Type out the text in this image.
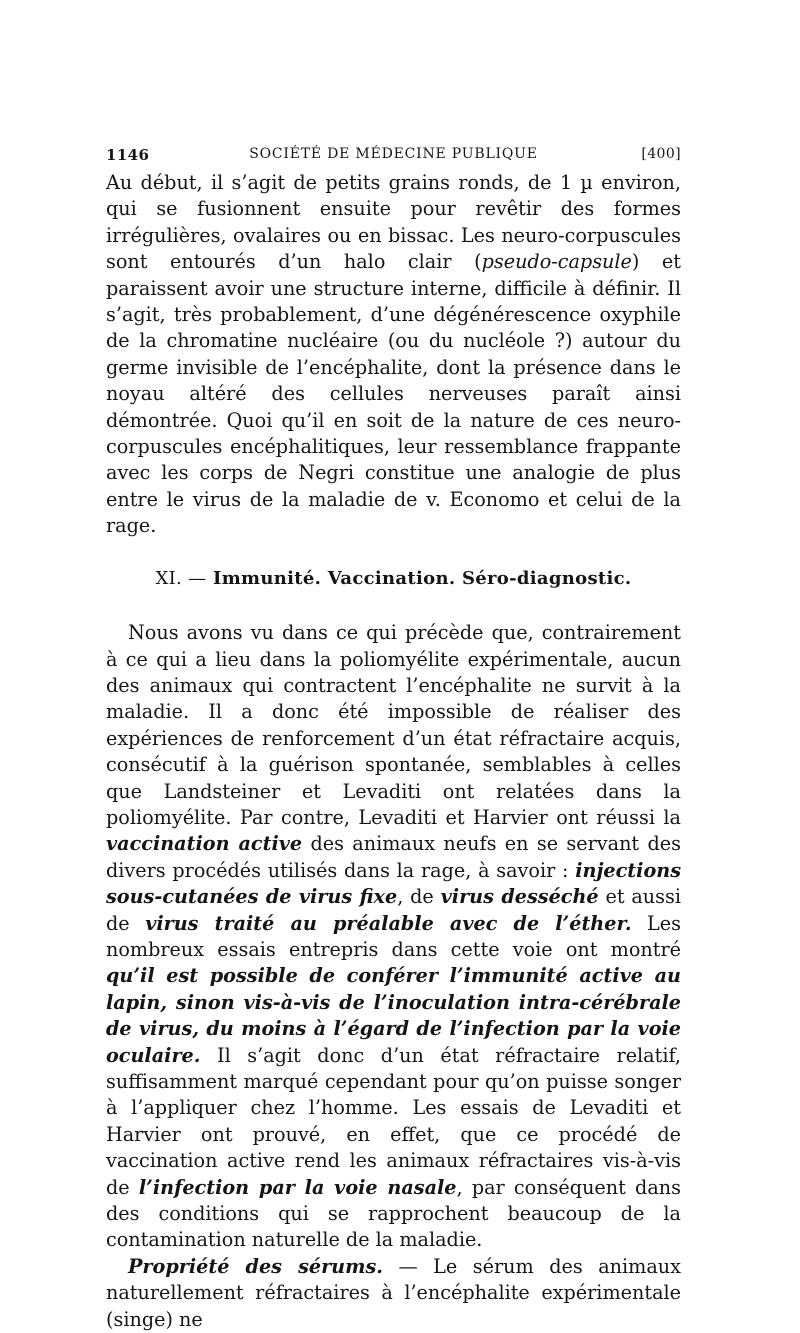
1146	SOCIÉTÉ DE MÉDECINE PUBLIQUE	[400]

Au début, il s’agit de petits grains ronds, de 1 µ environ, qui se fusionnent ensuite pour revêtir des formes irrégulières, ovalaires ou en bissac. Les neuro-corpuscules sont entourés d’un halo clair (pseudo-capsule) et paraissent avoir une structure interne, difficile à définir. Il s’agit, très probablement, d’une dégénérescence oxyphile de la chromatine nucléaire (ou du nucléole ?) autour du germe invisible de l’encéphalite, dont la présence dans le noyau altéré des cellules nerveuses paraît ainsi démontrée. Quoi qu’il en soit de la nature de ces neuro-corpuscules encéphalitiques, leur ressemblance frappante avec les corps de Negri constitue une analogie de plus entre le virus de la maladie de v. Economo et celui de la rage.

XI. — Immunité. Vaccination. Séro-diagnostic.

Nous avons vu dans ce qui précède que, contrairement à ce qui a lieu dans la poliomyélite expérimentale, aucun des animaux qui contractent l’encéphalite ne survit à la maladie. Il a donc été impossible de réaliser des expériences de renforcement d’un état réfractaire acquis, consécutif à la guérison spontanée, semblables à celles que Landsteiner et Levaditi ont relatées dans la poliomyélite. Par contre, Levaditi et Harvier ont réussi la vaccination active des animaux neufs en se servant des divers procédés utilisés dans la rage, à savoir : injections sous-cutanées de virus fixe, de virus desséché et aussi de virus traité au préalable avec de l’éther. Les nombreux essais entrepris dans cette voie ont montré qu’il est possible de conférer l’immunité active au lapin, sinon vis-à-vis de l’inoculation intra-cérébrale de virus, du moins à l’égard de l’infection par la voie oculaire. Il s’agit donc d’un état réfractaire relatif, suffisamment marqué cependant pour qu’on puisse songer à l’appliquer chez l’homme. Les essais de Levaditi et Harvier ont prouvé, en effet, que ce procédé de vaccination active rend les animaux réfractaires vis-à-vis de l’infection par la voie nasale, par conséquent dans des conditions qui se rapprochent beaucoup de la contamination naturelle de la maladie.

Propriété des sérums. — Le sérum des animaux naturellement réfractaires à l’encéphalite expérimentale (singe) ne
